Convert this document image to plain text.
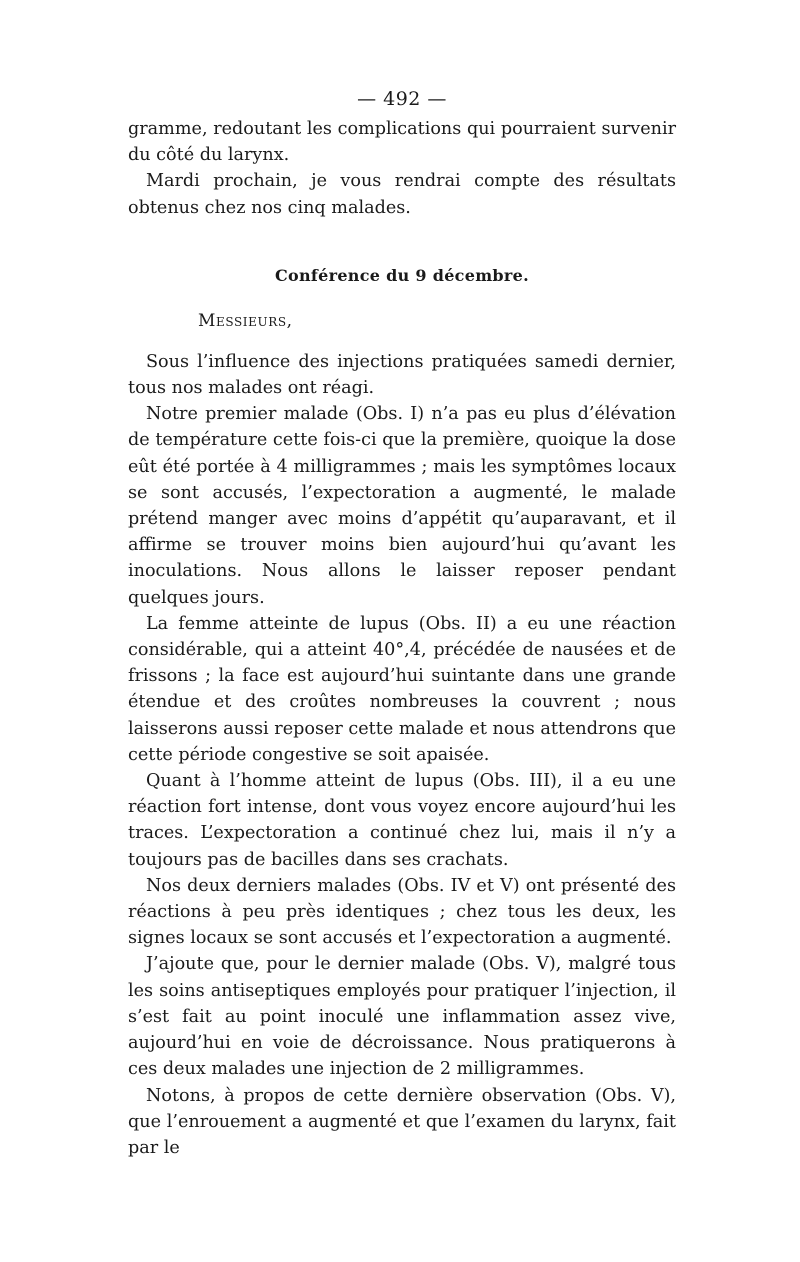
— 492 —

gramme, redoutant les complications qui pourraient survenir du côté du larynx.

Mardi prochain, je vous rendrai compte des résultats obtenus chez nos cinq malades.

Conférence du 9 décembre.
Messieurs,

Sous l’influence des injections pratiquées samedi dernier, tous nos malades ont réagi.

Notre premier malade (Obs. I) n’a pas eu plus d’élévation de température cette fois-ci que la première, quoique la dose eût été portée à 4 milligrammes ; mais les symptômes locaux se sont accusés, l’expectoration a augmenté, le malade prétend manger avec moins d’appétit qu’auparavant, et il affirme se trouver moins bien aujourd’hui qu’avant les inoculations. Nous allons le laisser reposer pendant quelques jours.

La femme atteinte de lupus (Obs. II) a eu une réaction considérable, qui a atteint 40°,4, précédée de nausées et de frissons ; la face est aujourd’hui suintante dans une grande étendue et des croûtes nombreuses la couvrent ; nous laisserons aussi reposer cette malade et nous attendrons que cette période congestive se soit apaisée.

Quant à l’homme atteint de lupus (Obs. III), il a eu une réaction fort intense, dont vous voyez encore aujourd’hui les traces. L’expectoration a continué chez lui, mais il n’y a toujours pas de bacilles dans ses crachats.

Nos deux derniers malades (Obs. IV et V) ont présenté des réactions à peu près identiques ; chez tous les deux, les signes locaux se sont accusés et l’expectoration a augmenté.

J’ajoute que, pour le dernier malade (Obs. V), malgré tous les soins antiseptiques employés pour pratiquer l’injection, il s’est fait au point inoculé une inflammation assez vive, aujourd’hui en voie de décroissance. Nous pratiquerons à ces deux malades une injection de 2 milligrammes.

Notons, à propos de cette dernière observation (Obs. V), que l’enrouement a augmenté et que l’examen du larynx, fait par le
